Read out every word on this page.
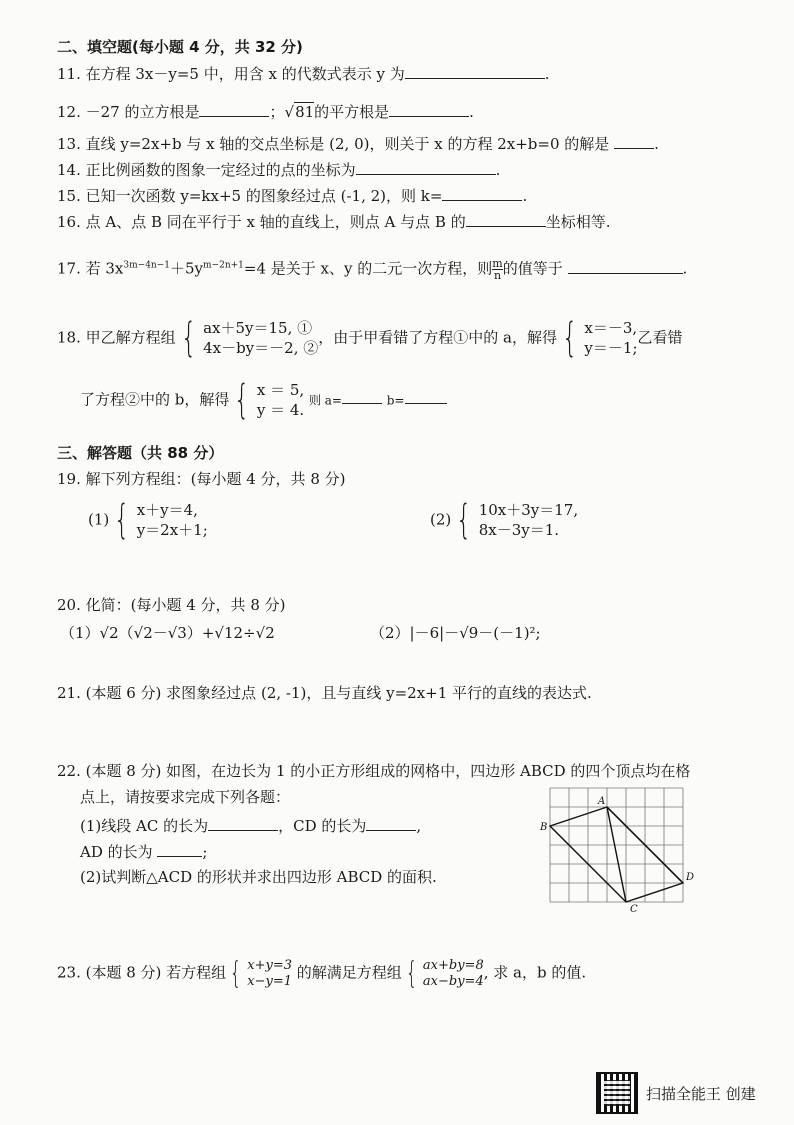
二、填空题(每小题 4 分，共 32 分)
11. 在方程 3x－y=5 中，用含 x 的代数式表示 y 为	.
12. －27 的立方根是	；√81的平方根是	.
13. 直线 y=2x+b 与 x 轴的交点坐标是 (2, 0)，则关于 x 的方程 2x+b=0 的解是	.
14. 正比例函数的图象一定经过的点的坐标为	.
15. 已知一次函数 y=kx+5 的图象经过点 (-1, 2)，则 k=	.
16. 点 A、点 B 同在平行于 x 轴的直线上，则点 A 与点 B 的	坐标相等.
17. 若 $3x^{3m-4n-1}+5y^{m-2n+1}=4$ 是关于 x、y 的二元一次方程，则 $\frac{m}{n}$ 的值等于	.
18. 甲乙解方程组 { ax＋5y＝15, ①
4x－by＝－2, ②
，由于甲看错了方程①中的 a，解得 { x＝－3,
y＝－1;
乙看错
了方程②中的 b，解得 { x ＝ 5,
y ＝ 4.
则 a=	b=
三、解答题（共 88 分）
19. 解下列方程组：(每小题 4 分，共 8 分)
(1) { x＋y＝4,
y＝2x＋1;
(2) { 10x＋3y＝17,
8x－3y＝1.
20. 化简：(每小题 4 分，共 8 分)
（1）√2（√2－√3）+√12÷√2	（2）|－6|－√9－(－1)²;
21. (本题 6 分) 求图象经过点 (2, -1)，且与直线 y=2x+1 平行的直线的表达式.
22. (本题 8 分) 如图，在边长为 1 的小正方形组成的网格中，四边形 ABCD 的四个顶点均在格
点上，请按要求完成下列各题：
(1)线段 AC 的长为	，CD 的长为	,
AD 的长为	;
(2)试判断△ACD 的形状并求出四边形 ABCD 的面积.
A
B
C
D
23. (本题 8 分) 若方程组 { x+y=3
x−y=1 的解满足方程组 { ax+by=8
ax−by=4 , 求 a，b 的值.
扫描全能王 创建
